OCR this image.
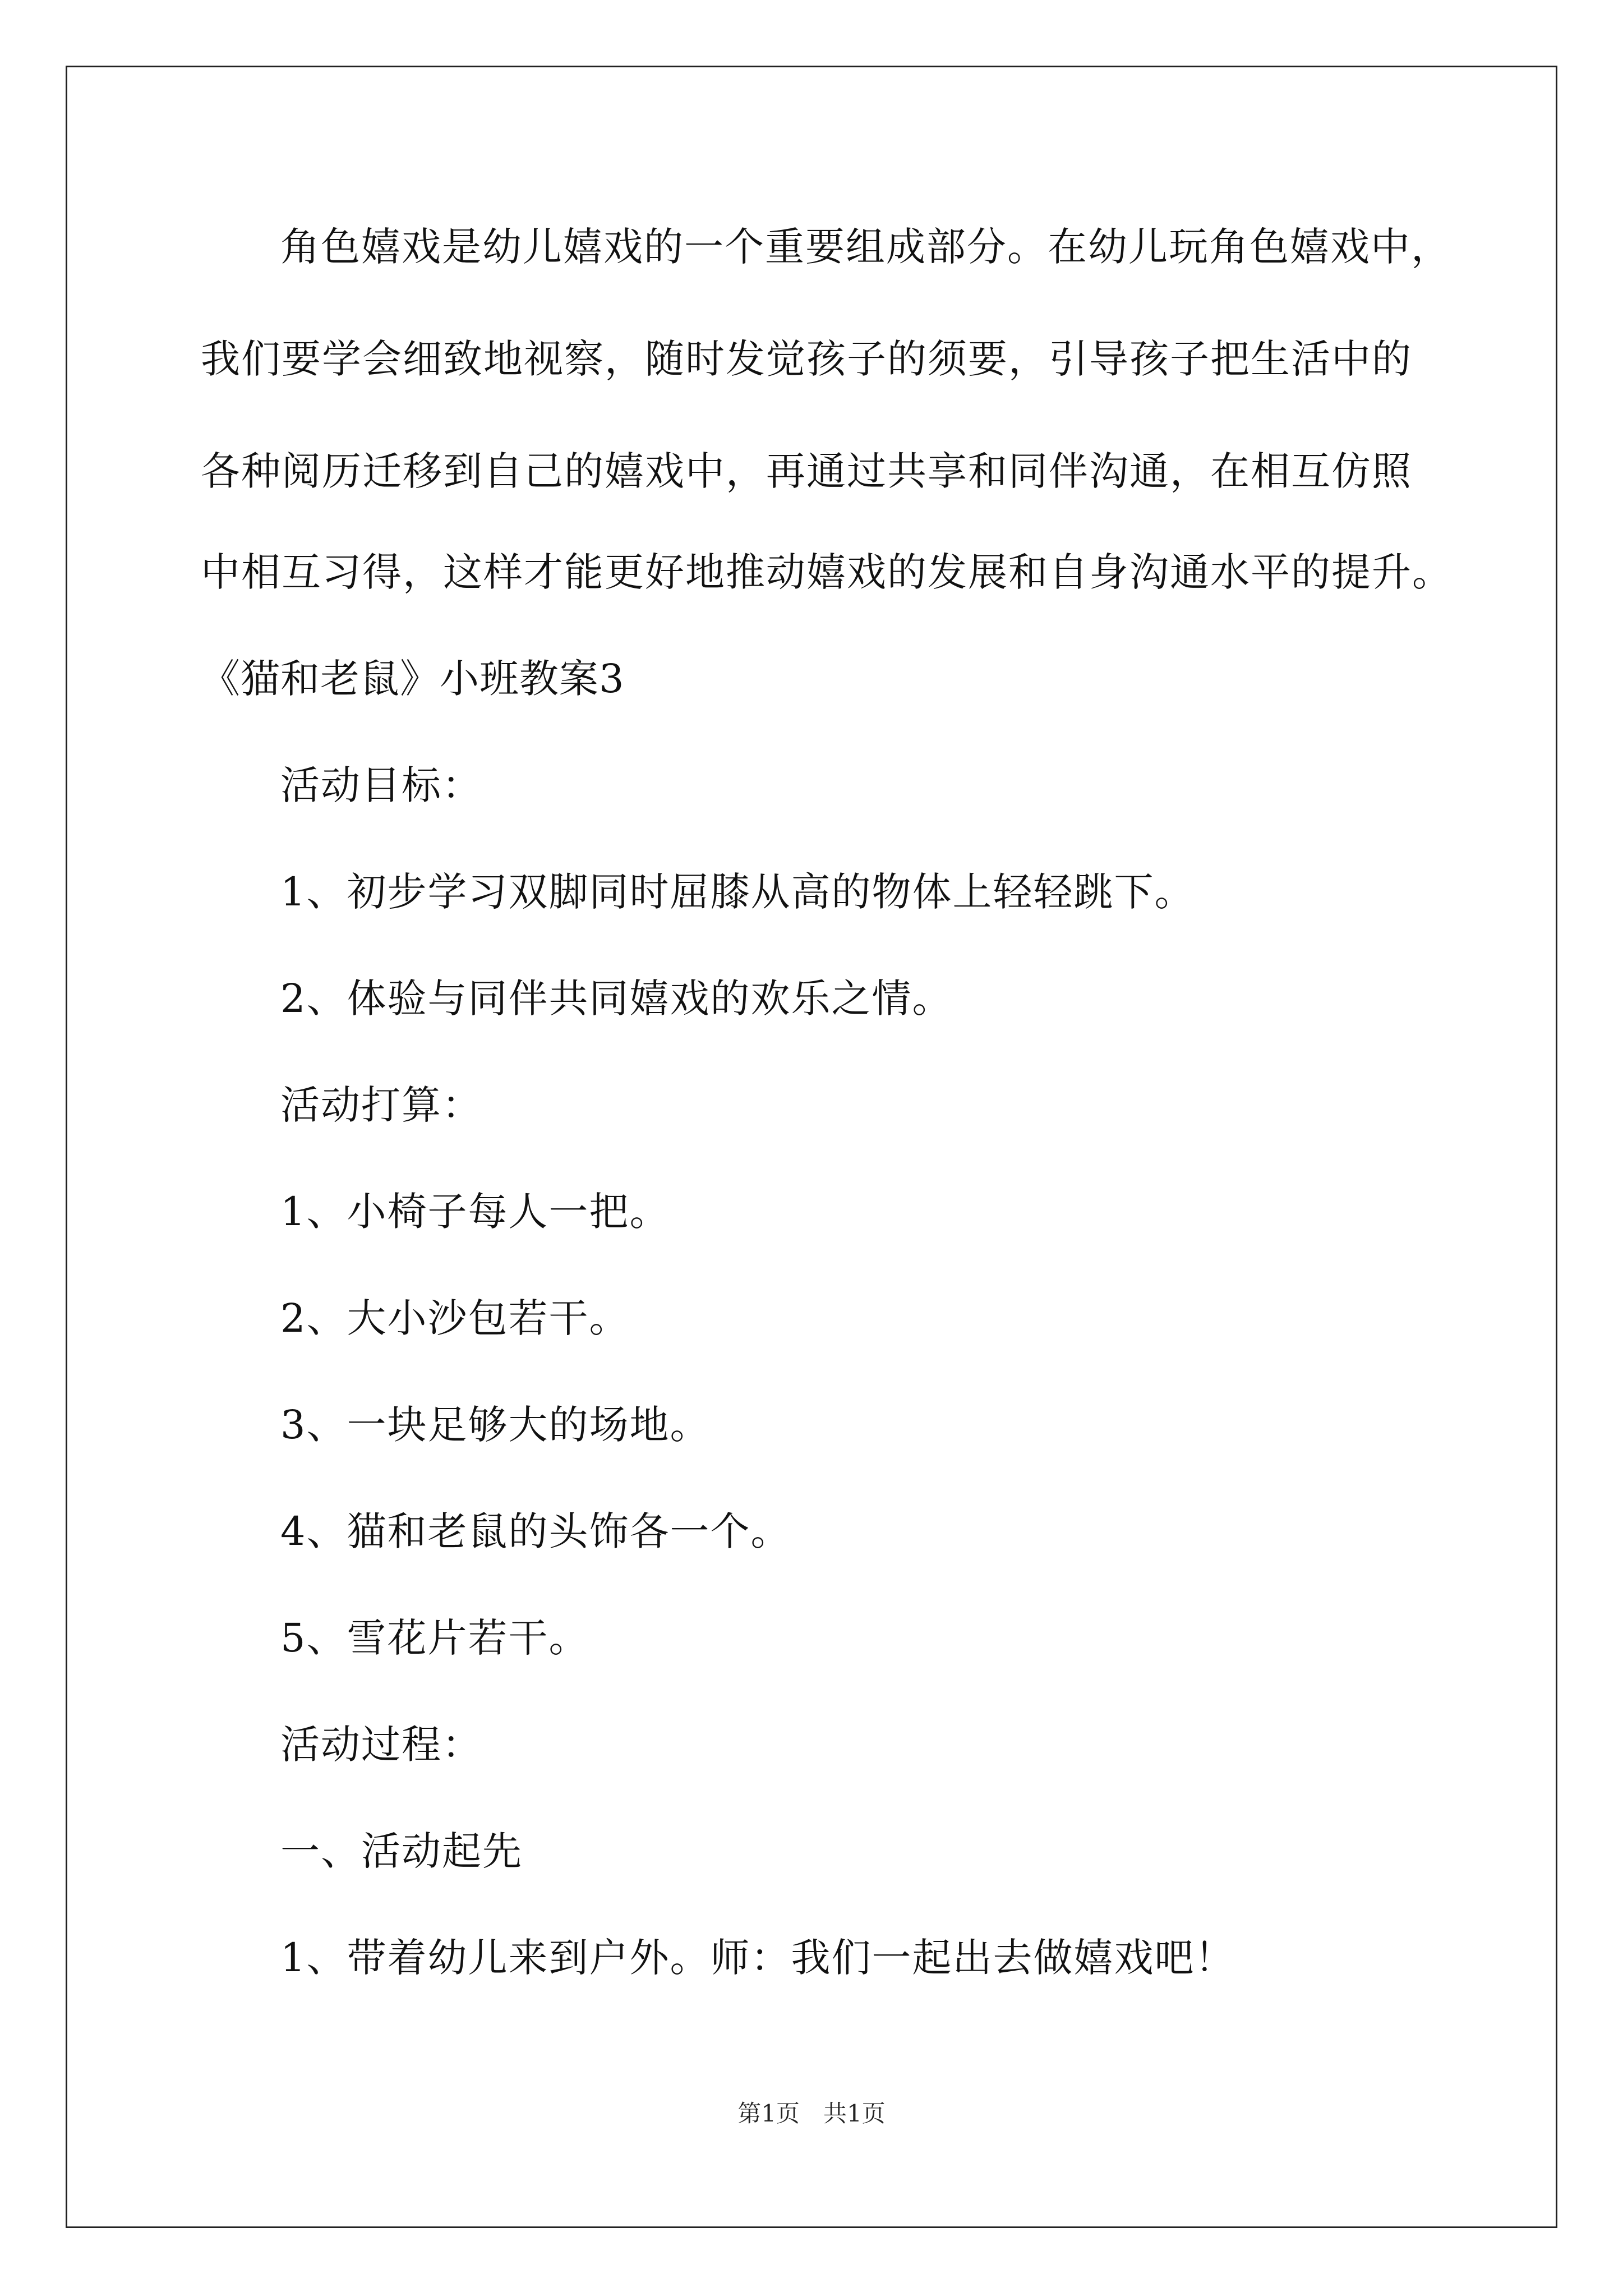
角色嬉戏是幼儿嬉戏的一个重要组成部分。在幼儿玩角色嬉戏中，
我们要学会细致地视察，随时发觉孩子的须要，引导孩子把生活中的
各种阅历迁移到自己的嬉戏中，再通过共享和同伴沟通，在相互仿照
中相互习得，这样才能更好地推动嬉戏的发展和自身沟通水平的提升。
《猫和老鼠》小班教案3
活动目标：
1、初步学习双脚同时屈膝从高的物体上轻轻跳下。
2、体验与同伴共同嬉戏的欢乐之情。
活动打算：
1、小椅子每人一把。
2、大小沙包若干。
3、一块足够大的场地。
4、猫和老鼠的头饰各一个。
5、雪花片若干。
活动过程：
一、活动起先
1、带着幼儿来到户外。师：我们一起出去做嬉戏吧！
第1页　共1页
